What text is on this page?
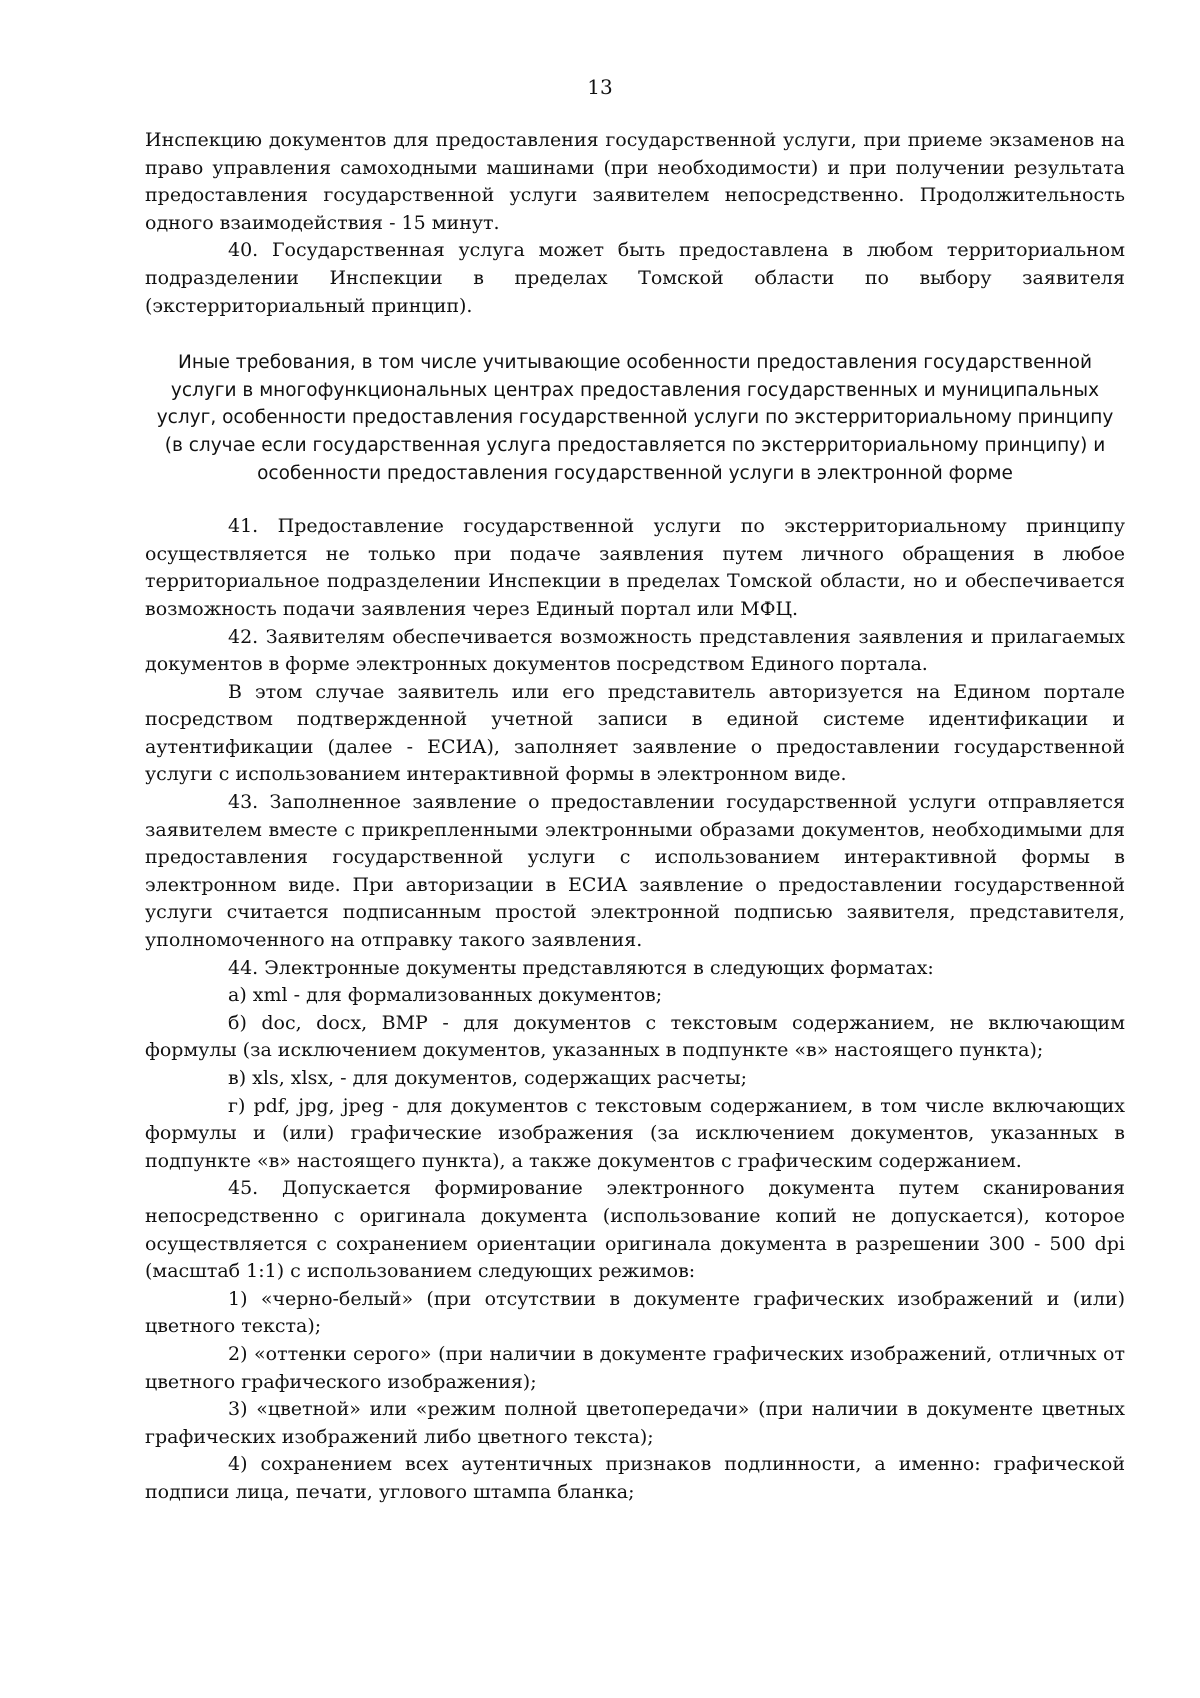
13

Инспекцию документов для предоставления государственной услуги, при приеме экзаменов на право управления самоходными машинами (при необходимости) и при получении результата предоставления государственной услуги заявителем непосредственно. Продолжительность одного взаимодействия - 15 минут.

40. Государственная услуга может быть предоставлена в любом территориальном подразделении Инспекции в пределах Томской области по выбору заявителя (экстерриториальный принцип).

Иные требования, в том числе учитывающие особенности предоставления государственной услуги в многофункциональных центрах предоставления государственных и муниципальных услуг, особенности предоставления государственной услуги по экстерриториальному принципу (в случае если государственная услуга предоставляется по экстерриториальному принципу) и особенности предоставления государственной услуги в электронной форме

41. Предоставление государственной услуги по экстерриториальному принципу осуществляется не только при подаче заявления путем личного обращения в любое территориальное подразделении Инспекции в пределах Томской области, но и обеспечивается возможность подачи заявления через Единый портал или МФЦ.

42. Заявителям обеспечивается возможность представления заявления и прилагаемых документов в форме электронных документов посредством Единого портала.

В этом случае заявитель или его представитель авторизуется на Едином портале посредством подтвержденной учетной записи в единой системе идентификации и аутентификации (далее - ЕСИА), заполняет заявление о предоставлении государственной услуги с использованием интерактивной формы в электронном виде.

43. Заполненное заявление о предоставлении государственной услуги отправляется заявителем вместе с прикрепленными электронными образами документов, необходимыми для предоставления государственной услуги с использованием интерактивной формы в электронном виде. При авторизации в ЕСИА заявление о предоставлении государственной услуги считается подписанным простой электронной подписью заявителя, представителя, уполномоченного на отправку такого заявления.

44. Электронные документы представляются в следующих форматах:

а) xml - для формализованных документов;

б) doc, docx, BMP - для документов с текстовым содержанием, не включающим формулы (за исключением документов, указанных в подпункте «в» настоящего пункта);

в) xls, xlsx, - для документов, содержащих расчеты;

г) pdf, jpg, jpeg - для документов с текстовым содержанием, в том числе включающих формулы и (или) графические изображения (за исключением документов, указанных в подпункте «в» настоящего пункта), а также документов с графическим содержанием.

45. Допускается формирование электронного документа путем сканирования непосредственно с оригинала документа (использование копий не допускается), которое осуществляется с сохранением ориентации оригинала документа в разрешении 300 - 500 dpi (масштаб 1:1) с использованием следующих режимов:

1) «черно-белый» (при отсутствии в документе графических изображений и (или) цветного текста);

2) «оттенки серого» (при наличии в документе графических изображений, отличных от цветного графического изображения);

3) «цветной» или «режим полной цветопередачи» (при наличии в документе цветных графических изображений либо цветного текста);

4) сохранением всех аутентичных признаков подлинности, а именно: графической подписи лица, печати, углового штампа бланка;
